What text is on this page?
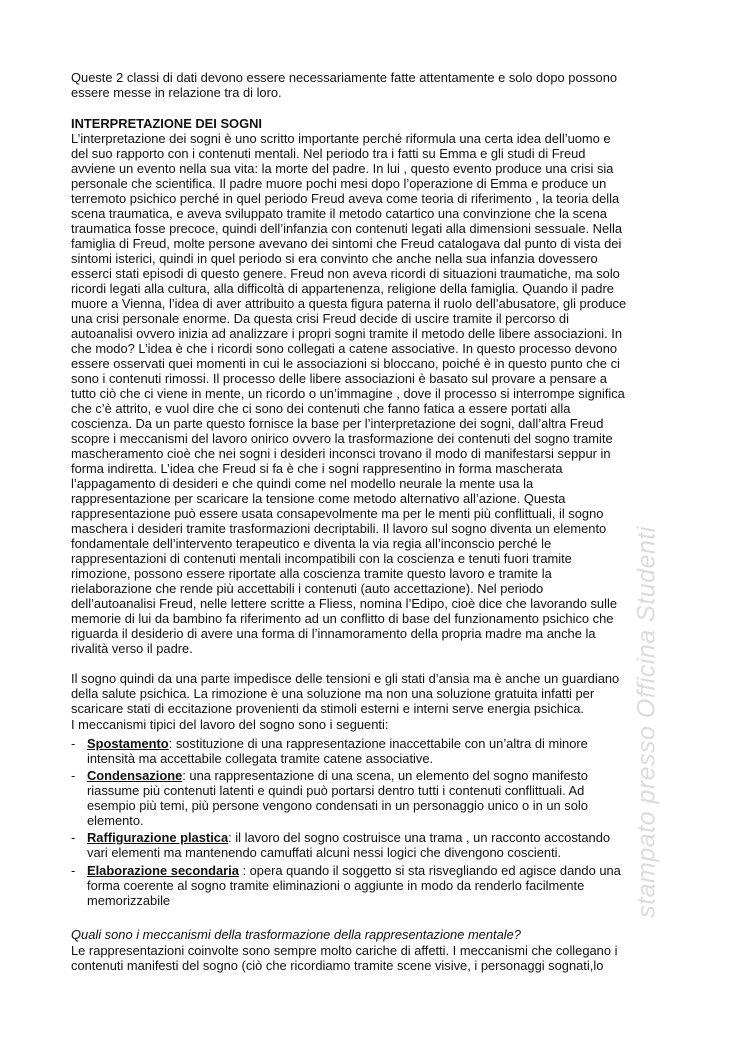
Queste 2 classi di dati devono essere necessariamente fatte attentamente e solo dopo possono
essere messe in relazione tra di loro.
INTERPRETAZIONE DEI SOGNI
L’interpretazione dei sogni è uno scritto importante perché riformula una certa idea dell’uomo e
del suo rapporto con i contenuti mentali. Nel periodo tra i fatti su Emma e gli studi di Freud
avviene un evento nella sua vita: la morte del padre. In lui , questo evento produce una crisi sia
personale che scientifica. Il padre muore pochi mesi dopo l’operazione di Emma e produce un
terremoto psichico perché in quel periodo Freud aveva come teoria di riferimento , la teoria della
scena traumatica, e aveva sviluppato tramite il metodo catartico una convinzione che la scena
traumatica fosse precoce, quindi dell’infanzia con contenuti legati alla dimensioni sessuale. Nella
famiglia di Freud, molte persone avevano dei sintomi che Freud catalogava dal punto di vista dei
sintomi isterici, quindi in quel periodo si era convinto che anche nella sua infanzia dovessero
esserci stati episodi di questo genere. Freud non aveva ricordi di situazioni traumatiche, ma solo
ricordi legati alla cultura, alla difficoltà di appartenenza, religione della famiglia. Quando il padre
muore a Vienna, l’idea di aver attribuito a questa figura paterna il ruolo dell’abusatore, gli produce
una crisi personale enorme. Da questa crisi Freud decide di uscire tramite il percorso di
autoanalisi ovvero inizia ad analizzare i propri sogni tramite il metodo delle libere associazioni. In
che modo? L’idea è che i ricordi sono collegati a catene associative. In questo processo devono
essere osservati quei momenti in cui le associazioni si bloccano, poiché è in questo punto che ci
sono i contenuti rimossi. Il processo delle libere associazioni è basato sul provare a pensare a
tutto ciò che ci viene in mente, un ricordo o un’immagine , dove il processo si interrompe significa
che c’è attrito, e vuol dire che ci sono dei contenuti che fanno fatica a essere portati alla
coscienza. Da un parte questo fornisce la base per l’interpretazione dei sogni, dall’altra Freud
scopre i meccanismi del lavoro onirico ovvero la trasformazione dei contenuti del sogno tramite
mascheramento cioè che nei sogni i desideri inconsci trovano il modo di manifestarsi seppur in
forma indiretta. L’idea che Freud si fa è che i sogni rappresentino in forma mascherata
l’appagamento di desideri e che quindi come nel modello neurale la mente usa la
rappresentazione per scaricare la tensione come metodo alternativo all’azione. Questa
rappresentazione può essere usata consapevolmente ma per le menti più conflittuali, il sogno
maschera i desideri tramite trasformazioni decriptabili. Il lavoro sul sogno diventa un elemento
fondamentale dell’intervento terapeutico e diventa la via regia all’inconscio perché le
rappresentazioni di contenuti mentali incompatibili con la coscienza e tenuti fuori tramite
rimozione, possono essere riportate alla coscienza tramite questo lavoro e tramite la
rielaborazione che rende più accettabili i contenuti (auto accettazione). Nel periodo
dell’autoanalisi Freud, nelle lettere scritte a Fliess, nomina l’Edipo, cioè dice che lavorando sulle
memorie di lui da bambino fa riferimento ad un conflitto di base del funzionamento psichico che
riguarda il desiderio di avere una forma di l’innamoramento della propria madre ma anche la
rivalità verso il padre.
Il sogno quindi da una parte impedisce delle tensioni e gli stati d’ansia ma è anche un guardiano
della salute psichica. La rimozione è una soluzione ma non una soluzione gratuita infatti per
scaricare stati di eccitazione provenienti da stimoli esterni e interni serve energia psichica.
I meccanismi tipici del lavoro del sogno sono i seguenti:
- Spostamento: sostituzione di una rappresentazione inaccettabile con un’altra di minore
intensità ma accettabile collegata tramite catene associative.
- Condensazione: una rappresentazione di una scena, un elemento del sogno manifesto
riassume più contenuti latenti e quindi può portarsi dentro tutti i contenuti conflittuali. Ad
esempio più temi, più persone vengono condensati in un personaggio unico o in un solo
elemento.
- Raffigurazione plastica: il lavoro del sogno costruisce una trama , un racconto accostando
vari elementi ma mantenendo camuffati alcuni nessi logici che divengono coscienti.
- Elaborazione secondaria : opera quando il soggetto si sta risvegliando ed agisce dando una
forma coerente al sogno tramite eliminazioni o aggiunte in modo da renderlo facilmente
memorizzabile
Quali sono i meccanismi della trasformazione della rappresentazione mentale?
Le rappresentazioni coinvolte sono sempre molto cariche di affetti. I meccanismi che collegano i
contenuti manifesti del sogno (ciò che ricordiamo tramite scene visive, i personaggi sognati,lo
stampato presso Officina Studenti
